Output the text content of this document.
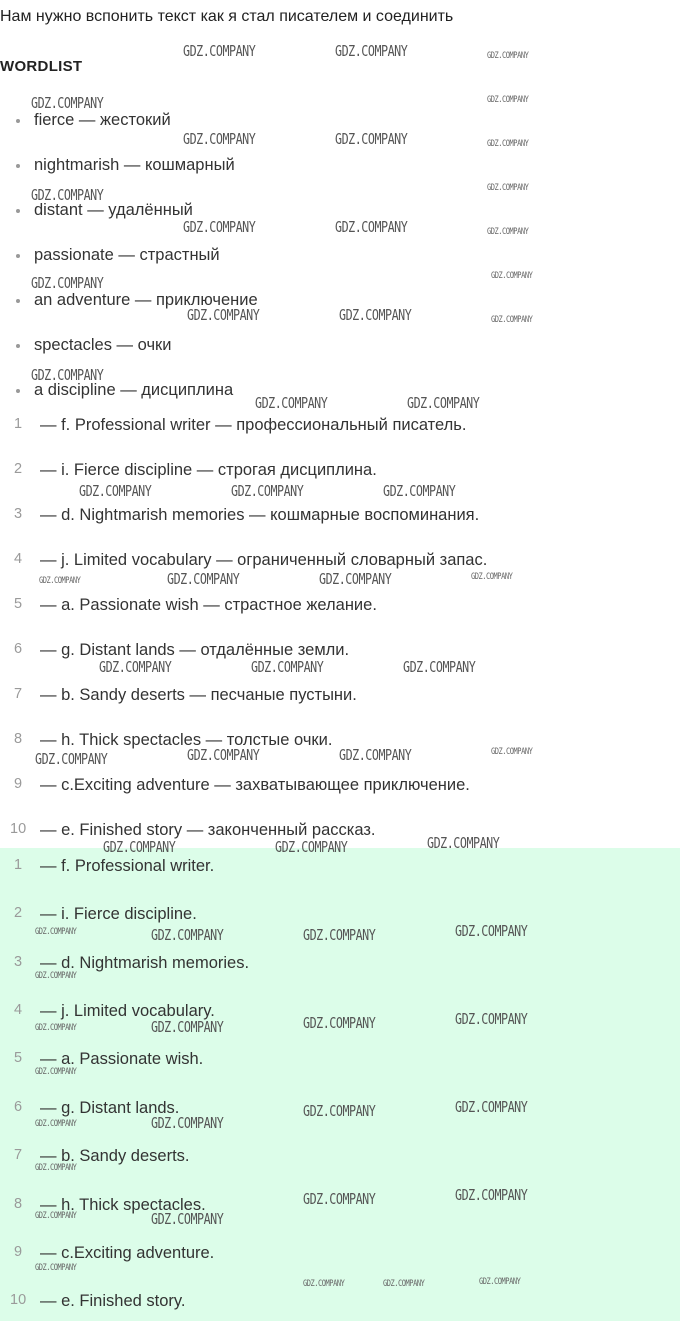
Нам нужно вспонить текст как я стал писателем и соединить
WORDLIST
fierce — жестокий
nightmarish — кошмарный
distant — удалённый
passionate — страстный
an adventure — приключение
spectacles — очки
a discipline — дисциплина
1 — f. Professional writer — профессиональный писатель.
2 — i. Fierce discipline — строгая дисциплина.
3 — d. Nightmarish memories — кошмарные воспоминания.
4 — j. Limited vocabulary — ограниченный словарный запас.
5 — a. Passionate wish — страстное желание.
6 — g. Distant lands — отдалённые земли.
7 — b. Sandy deserts — песчаные пустыни.
8 — h. Thick spectacles — толстые очки.
9 — c.Exciting adventure — захватывающее приключение.
10 — e. Finished story — законченный рассказ.
1 — f. Professional writer.
2 — i. Fierce discipline.
3 — d. Nightmarish memories.
4 — j. Limited vocabulary.
5 — a. Passionate wish.
6 — g. Distant lands.
7 — b. Sandy deserts.
8 — h. Thick spectacles.
9 — c.Exciting adventure.
10 — e. Finished story.
GDZ.COMPANY	GDZ.COMPANY	GDZ.COMPANY
GDZ.COMPANY	GDZ.COMPANY
GDZ.COMPANY	GDZ.COMPANY	GDZ.COMPANY
GDZ.COMPANY	GDZ.COMPANY
GDZ.COMPANY	GDZ.COMPANY	GDZ.COMPANY
GDZ.COMPANY	GDZ.COMPANY
GDZ.COMPANY	GDZ.COMPANY	GDZ.COMPANY
GDZ.COMPANY
GDZ.COMPANY	GDZ.COMPANY
GDZ.COMPANY	GDZ.COMPANY	GDZ.COMPANY
GDZ.COMPANY	GDZ.COMPANY	GDZ.COMPANY	GDZ.COMPANY
GDZ.COMPANY	GDZ.COMPANY	GDZ.COMPANY
GDZ.COMPANY	GDZ.COMPANY	GDZ.COMPANY	GDZ.COMPANY
GDZ.COMPANY	GDZ.COMPANY	GDZ.COMPANY
GDZ.COMPANY	GDZ.COMPANY	GDZ.COMPANY	GDZ.COMPANY
GDZ.COMPANY
GDZ.COMPANY	GDZ.COMPANY	GDZ.COMPANY	GDZ.COMPANY
GDZ.COMPANY
GDZ.COMPANY	GDZ.COMPANY
GDZ.COMPANY	GDZ.COMPANY
GDZ.COMPANY
GDZ.COMPANY	GDZ.COMPANY
GDZ.COMPANY	GDZ.COMPANY
GDZ.COMPANY
GDZ.COMPANY	GDZ.COMPANY	GDZ.COMPANY
